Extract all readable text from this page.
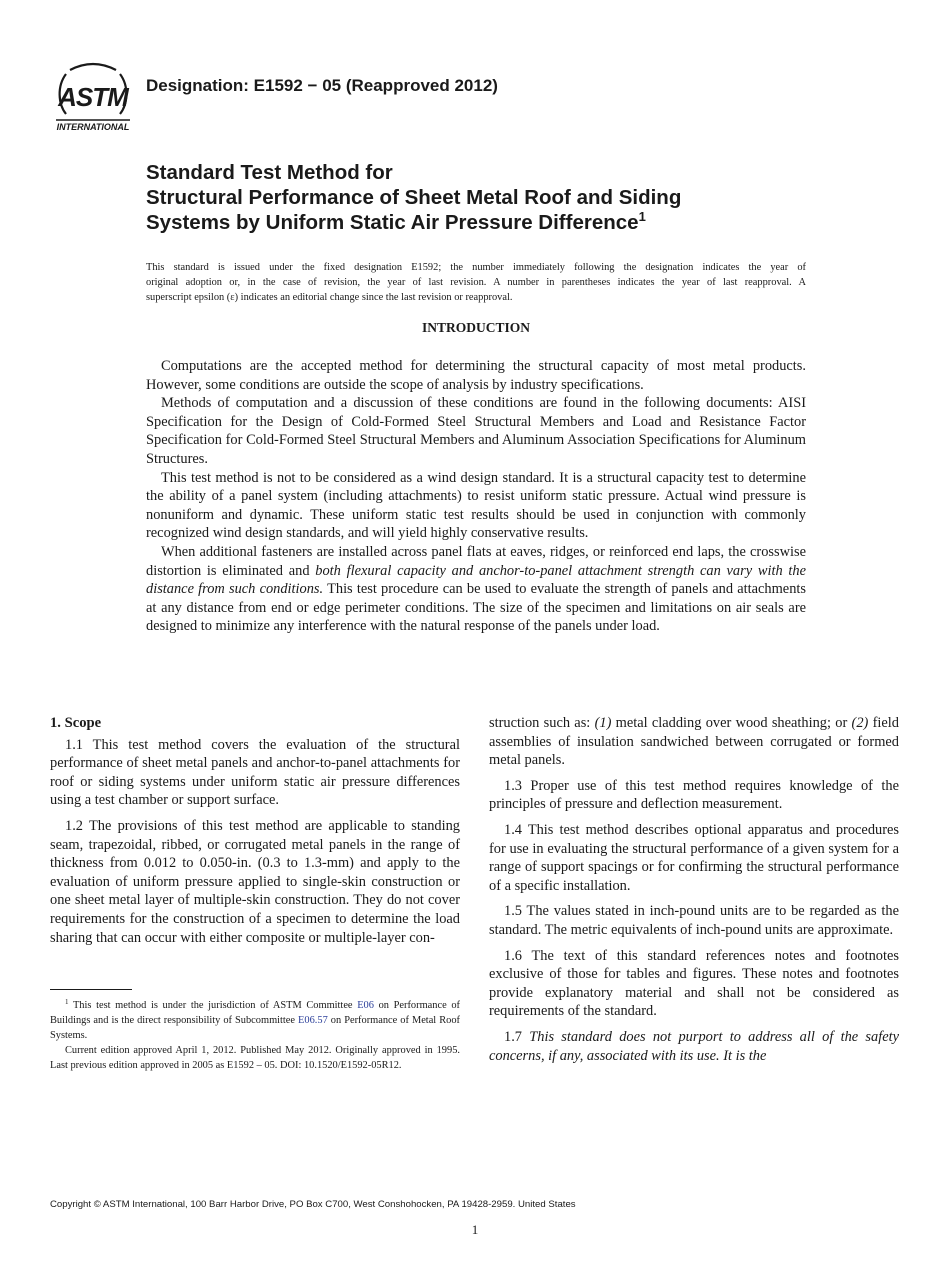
ASTM
INTERNATIONAL
Designation: E1592 − 05 (Reapproved 2012)
Standard Test Method for
Structural Performance of Sheet Metal Roof and Siding
Systems by Uniform Static Air Pressure Difference$^1$
This standard is issued under the fixed designation E1592; the number immediately following the designation indicates the year of
original adoption or, in the case of revision, the year of last revision. A number in parentheses indicates the year of last reapproval. A
superscript epsilon (ε) indicates an editorial change since the last revision or reapproval.
INTRODUCTION

Computations are the accepted method for determining the structural capacity of most metal products. However, some conditions are outside the scope of analysis by industry specifications.

Methods of computation and a discussion of these conditions are found in the following documents: AISI Specification for the Design of Cold-Formed Steel Structural Members and Load and Resistance Factor Specification for Cold-Formed Steel Structural Members and Aluminum Association Specifications for Aluminum Structures.

This test method is not to be considered as a wind design standard. It is a structural capacity test to determine the ability of a panel system (including attachments) to resist uniform static pressure. Actual wind pressure is nonuniform and dynamic. These uniform static test results should be used in conjunction with commonly recognized wind design standards, and will yield highly conservative results.

When additional fasteners are installed across panel flats at eaves, ridges, or reinforced end laps, the crosswise distortion is eliminated and both flexural capacity and anchor-to-panel attachment strength can vary with the distance from such conditions. This test procedure can be used to evaluate the strength of panels and attachments at any distance from end or edge perimeter conditions. The size of the specimen and limitations on air seals are designed to minimize any interference with the natural response of the panels under load.

1. Scope

1.1 This test method covers the evaluation of the structural performance of sheet metal panels and anchor-to-panel attachments for roof or siding systems under uniform static air pressure differences using a test chamber or support surface.

1.2 The provisions of this test method are applicable to standing seam, trapezoidal, ribbed, or corrugated metal panels in the range of thickness from 0.012 to 0.050-in. (0.3 to 1.3-mm) and apply to the evaluation of uniform pressure applied to single-skin construction or one sheet metal layer of multiple-skin construction. They do not cover requirements for the construction of a specimen to determine the load sharing that can occur with either composite or multiple-layer con-

$^1$ This test method is under the jurisdiction of ASTM Committee E06 on Performance of Buildings and is the direct responsibility of Subcommittee E06.57 on Performance of Metal Roof Systems.

Current edition approved April 1, 2012. Published May 2012. Originally approved in 1995. Last previous edition approved in 2005 as E1592 – 05. DOI: 10.1520/E1592-05R12.

struction such as: (1) metal cladding over wood sheathing; or (2) field assemblies of insulation sandwiched between corrugated or formed metal panels.

1.3 Proper use of this test method requires knowledge of the principles of pressure and deflection measurement.

1.4 This test method describes optional apparatus and procedures for use in evaluating the structural performance of a given system for a range of support spacings or for confirming the structural performance of a specific installation.

1.5 The values stated in inch-pound units are to be regarded as the standard. The metric equivalents of inch-pound units are approximate.

1.6 The text of this standard references notes and footnotes exclusive of those for tables and figures. These notes and footnotes provide explanatory material and shall not be considered as requirements of the standard.

1.7 This standard does not purport to address all of the safety concerns, if any, associated with its use. It is the

Copyright © ASTM International, 100 Barr Harbor Drive, PO Box C700, West Conshohocken, PA 19428-2959. United States
1
